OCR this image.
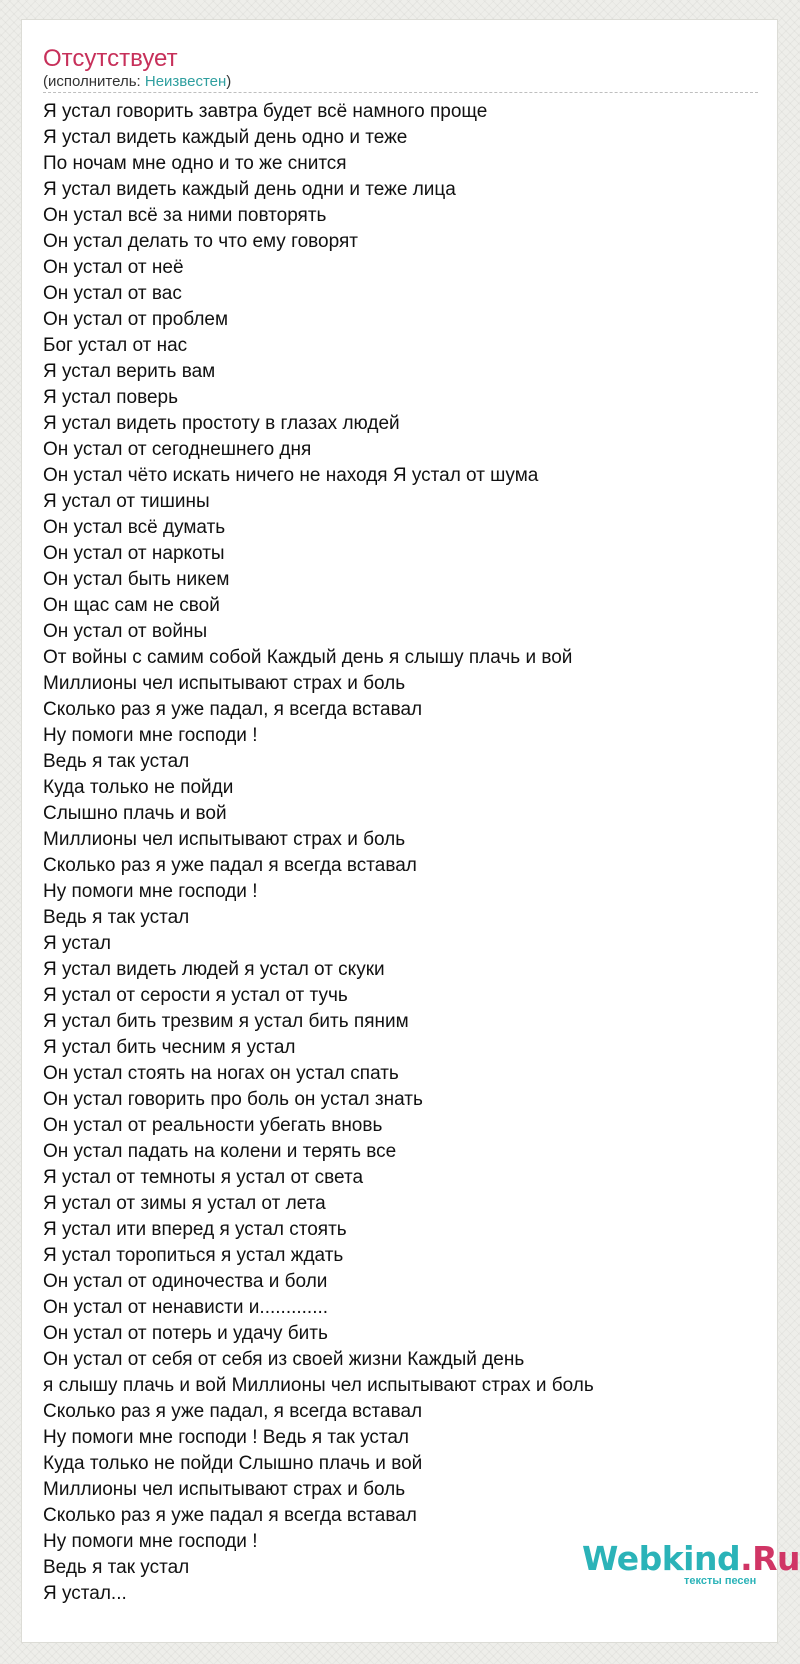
Отсутствует
(исполнитель: Неизвестен)
Я устал говорить завтра будет всё намного проще
Я устал видеть каждый день одно и теже
По ночам мне одно и то же снится
Я устал видеть каждый день одни и теже лица
Он устал всё за ними повторять
Он устал делать то что ему говорят
Он устал от неё
Он устал от вас
Он устал от проблем
Бог устал от нас
Я устал верить вам
Я устал поверь
Я устал видеть простоту в глазах людей
Он устал от сегоднешнего дня
Он устал чёто искать ничего не находя Я устал от шума
Я устал от тишины
Он устал всё думать
Он устал от наркоты
Он устал быть никем
Он щас сам не свой
Он устал от войны
От войны с самим собой Каждый день я слышу плачь и вой
Миллионы чел испытывают страх и боль
Сколько раз я уже падал, я всегда вставал
Ну помоги мне господи !
Ведь я так устал
Куда только не пойди
Слышно плачь и вой
Миллионы чел испытывают страх и боль
Сколько раз я уже падал я всегда вставал
Ну помоги мне господи !
Ведь я так устал
Я устал
Я устал видеть людей я устал от скуки
Я устал от серости я устал от тучь
Я устал бить трезвим я устал бить пяним
Я устал бить чесним я устал
Он устал стоять на ногах он устал спать
Он устал говорить про боль он устал знать
Он устал от реальности убегать вновь
Он устал падать на колени и терять все
Я устал от темноты я устал от света
Я устал от зимы я устал от лета
Я устал ити вперед я устал стоять
Я устал торопиться я устал ждать
Он устал от одиночества и боли
Он устал от ненависти и.............
Он устал от потерь и удачу бить
Он устал от себя от себя из своей жизни Каждый день
я слышу плачь и вой Миллионы чел испытывают страх и боль
Сколько раз я уже падал, я всегда вставал
Ну помоги мне господи ! Ведь я так устал
Куда только не пойди Слышно плачь и вой
Миллионы чел испытывают страх и боль
Сколько раз я уже падал я всегда вставал
Ну помоги мне господи !
Ведь я так устал
Я устал...
Webkind.Ru
тексты песен
